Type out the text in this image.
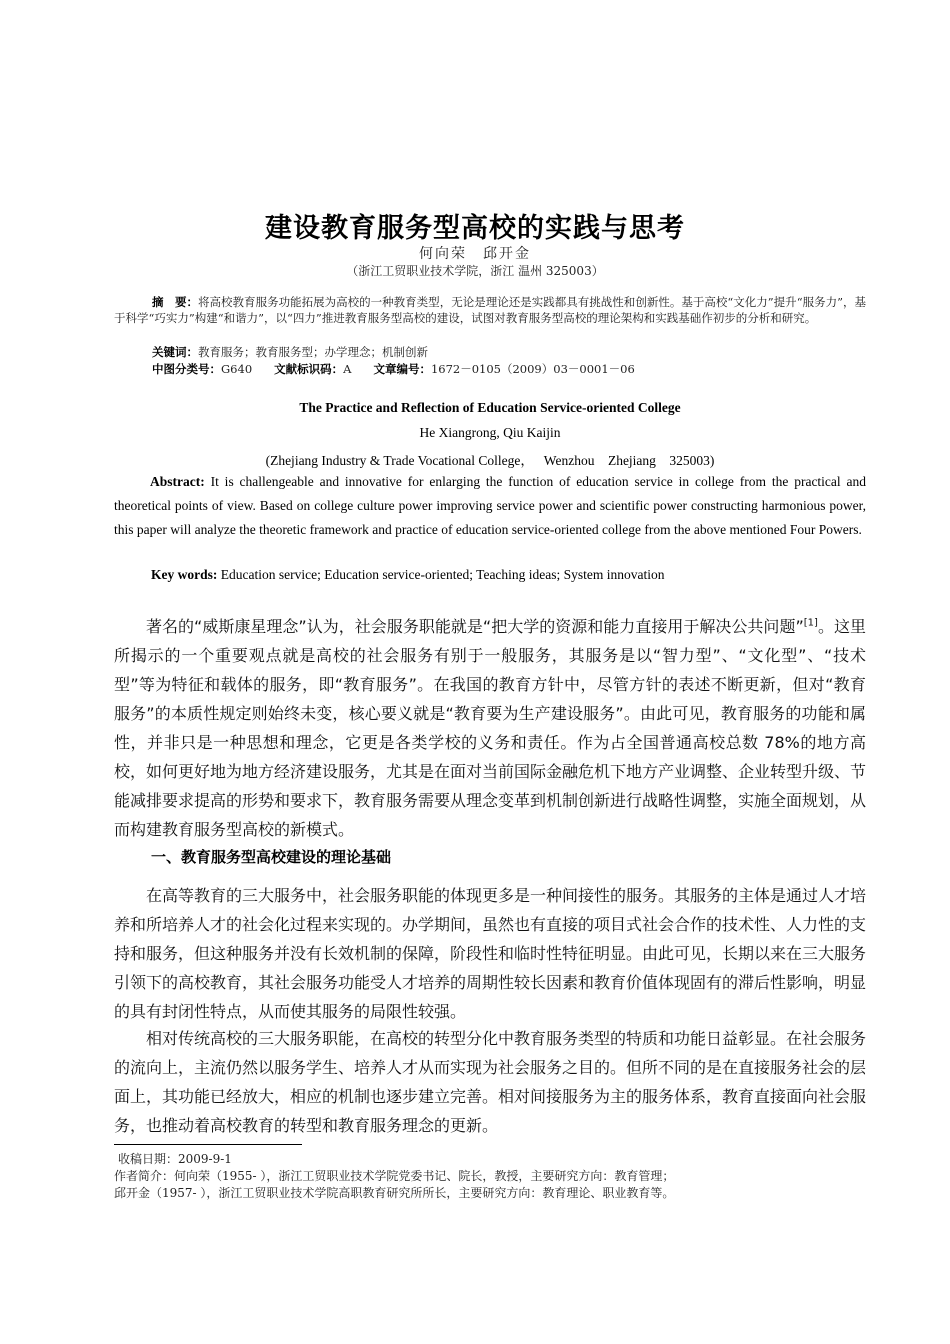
建设教育服务型高校的实践与思考
何向荣　邱开金
（浙江工贸职业技术学院，浙江 温州 325003）
摘　要：将高校教育服务功能拓展为高校的一种教育类型，无论是理论还是实践都具有挑战性和创新性。基于高校“文化力”提升“服务力”，基于科学“巧实力”构建“和谐力”，以“四力”推进教育服务型高校的建设，试图对教育服务型高校的理论架构和实践基础作初步的分析和研究。
关键词：教育服务；教育服务型；办学理念；机制创新
中图分类号：G640 文献标识码：A 文章编号：1672－0105（2009）03－0001－06
The Practice and Reflection of Education Service-oriented College
He Xiangrong, Qiu Kaijin
(Zhejiang Industry & Trade Vocational College，   Wenzhou    Zhejiang    325003)
Abstract: It is challengeable and innovative for enlarging the function of education service in college from the practical and theoretical points of view. Based on college culture power improving service power and scientific power constructing harmonious power, this paper will analyze the theoretic framework and practice of education service-oriented college from the above mentioned Four Powers.
Key words: Education service; Education service-oriented; Teaching ideas; System innovation
著名的“威斯康星理念”认为，社会服务职能就是“把大学的资源和能力直接用于解决公共问题”[1]。这里所揭示的一个重要观点就是高校的社会服务有别于一般服务，其服务是以“智力型”、“文化型”、“技术型”等为特征和载体的服务，即“教育服务”。在我国的教育方针中，尽管方针的表述不断更新，但对“教育服务”的本质性规定则始终未变，核心要义就是“教育要为生产建设服务”。由此可见，教育服务的功能和属性，并非只是一种思想和理念，它更是各类学校的义务和责任。作为占全国普通高校总数 78%的地方高校，如何更好地为地方经济建设服务，尤其是在面对当前国际金融危机下地方产业调整、企业转型升级、节能减排要求提高的形势和要求下，教育服务需要从理念变革到机制创新进行战略性调整，实施全面规划，从而构建教育服务型高校的新模式。
一、教育服务型高校建设的理论基础
在高等教育的三大服务中，社会服务职能的体现更多是一种间接性的服务。其服务的主体是通过人才培养和所培养人才的社会化过程来实现的。办学期间，虽然也有直接的项目式社会合作的技术性、人力性的支持和服务，但这种服务并没有长效机制的保障，阶段性和临时性特征明显。由此可见，长期以来在三大服务引领下的高校教育，其社会服务功能受人才培养的周期性较长因素和教育价值体现固有的滞后性影响，明显的具有封闭性特点，从而使其服务的局限性较强。
相对传统高校的三大服务职能，在高校的转型分化中教育服务类型的特质和功能日益彰显。在社会服务的流向上，主流仍然以服务学生、培养人才从而实现为社会服务之目的。但所不同的是在直接服务社会的层面上，其功能已经放大，相应的机制也逐步建立完善。相对间接服务为主的服务体系，教育直接面向社会服务，也推动着高校教育的转型和教育服务理念的更新。
收稿日期：2009-9-1
作者简介：何向荣（1955- ），浙江工贸职业技术学院党委书记、院长，教授，主要研究方向：教育管理；
邱开金（1957- ），浙江工贸职业技术学院高职教育研究所所长，主要研究方向：教育理论、职业教育等。
